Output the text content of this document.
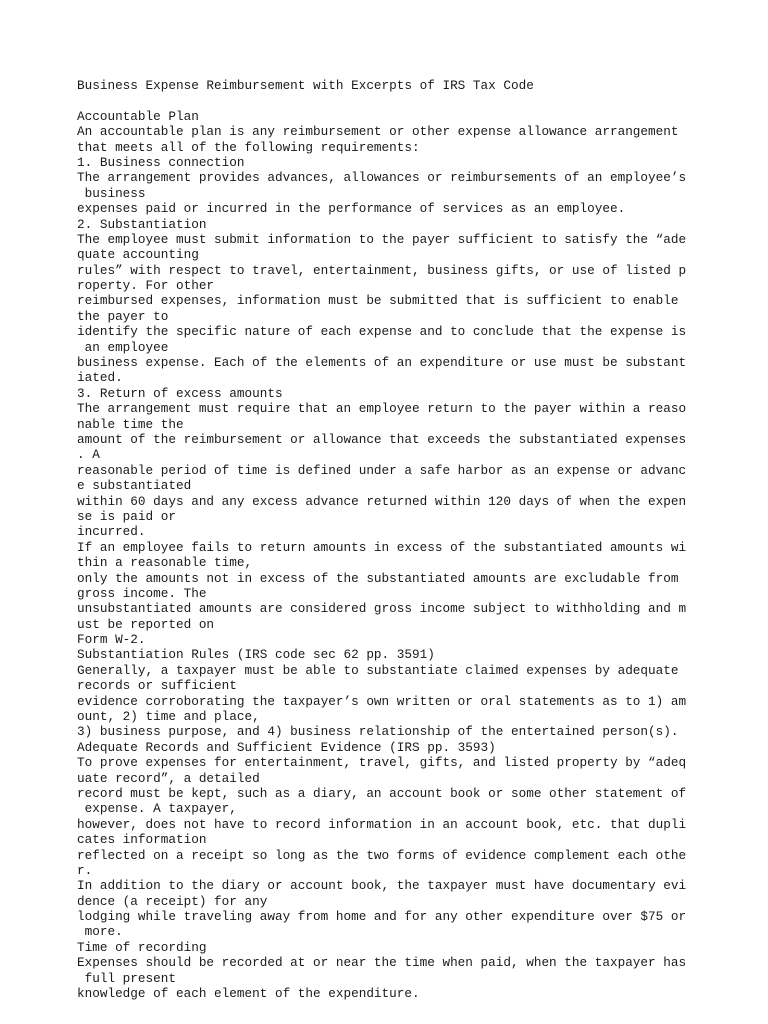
Business Expense Reimbursement with Excerpts of IRS Tax Code
Accountable Plan
An accountable plan is any reimbursement or other expense allowance arrangement
that meets all of the following requirements:
1. Business connection
The arrangement provides advances, allowances or reimbursements of an employee’s
business
expenses paid or incurred in the performance of services as an employee.
2. Substantiation
The employee must submit information to the payer sufficient to satisfy the “ade
quate accounting
rules” with respect to travel, entertainment, business gifts, or use of listed p
roperty. For other
reimbursed expenses, information must be submitted that is sufficient to enable
the payer to
identify the specific nature of each expense and to conclude that the expense is
an employee
business expense. Each of the elements of an expenditure or use must be substant
iated.
3. Return of excess amounts
The arrangement must require that an employee return to the payer within a reaso
nable time the
amount of the reimbursement or allowance that exceeds the substantiated expenses
. A
reasonable period of time is defined under a safe harbor as an expense or advanc
e substantiated
within 60 days and any excess advance returned within 120 days of when the expen
se is paid or
incurred.
If an employee fails to return amounts in excess of the substantiated amounts wi
thin a reasonable time,
only the amounts not in excess of the substantiated amounts are excludable from
gross income. The
unsubstantiated amounts are considered gross income subject to withholding and m
ust be reported on
Form W-2.
Substantiation Rules (IRS code sec 62 pp. 3591)
Generally, a taxpayer must be able to substantiate claimed expenses by adequate
records or sufficient
evidence corroborating the taxpayer’s own written or oral statements as to 1) am
ount, 2) time and place,
3) business purpose, and 4) business relationship of the entertained person(s).
Adequate Records and Sufficient Evidence (IRS pp. 3593)
To prove expenses for entertainment, travel, gifts, and listed property by “adeq
uate record”, a detailed
record must be kept, such as a diary, an account book or some other statement of
expense. A taxpayer,
however, does not have to record information in an account book, etc. that dupli
cates information
reflected on a receipt so long as the two forms of evidence complement each othe
r.
In addition to the diary or account book, the taxpayer must have documentary evi
dence (a receipt) for any
lodging while traveling away from home and for any other expenditure over $75 or
more.
Time of recording
Expenses should be recorded at or near the time when paid, when the taxpayer has
full present
knowledge of each element of the expenditure.
